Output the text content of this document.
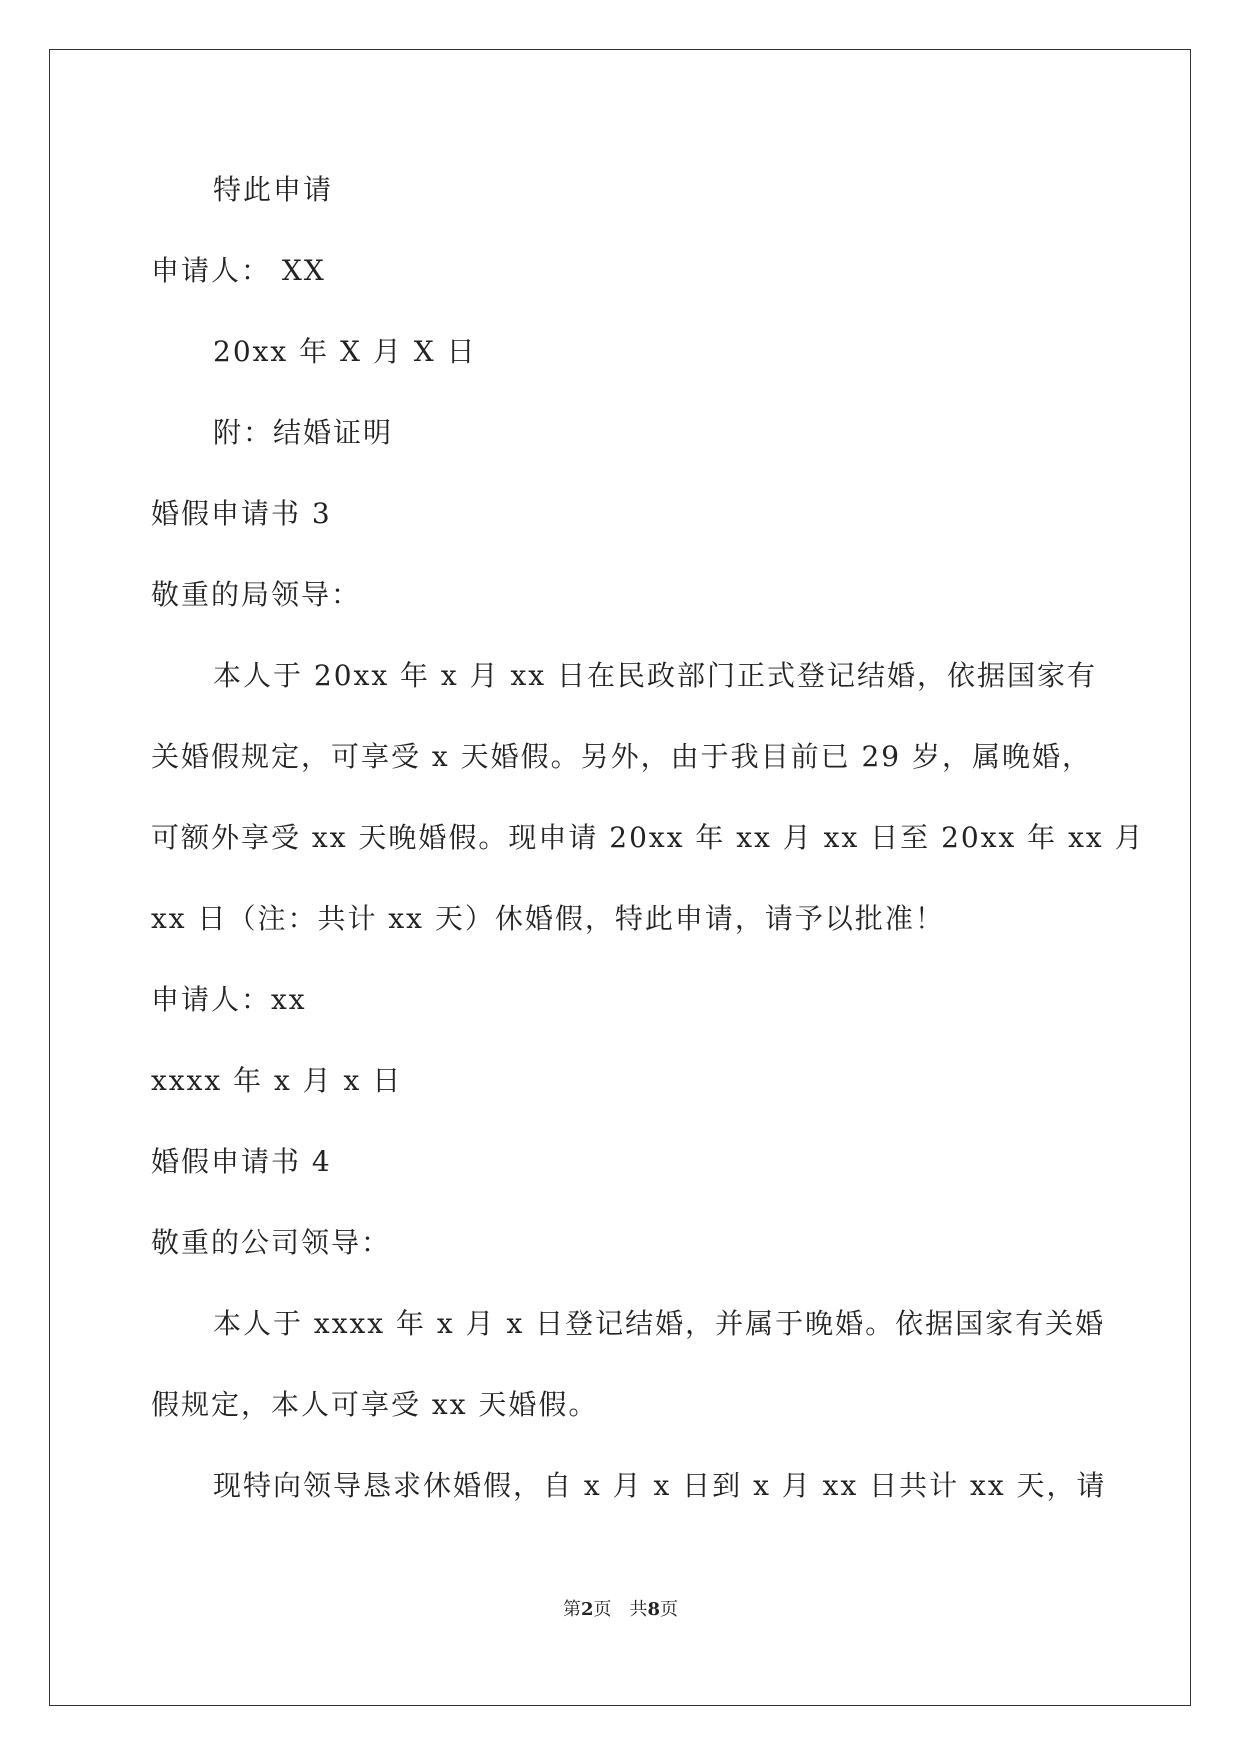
特此申请
申请人： XX
20xx 年 X 月 X 日
附：结婚证明
婚假申请书 3
敬重的局领导：
本人于 20xx 年 x 月 xx 日在民政部门正式登记结婚，依据国家有
关婚假规定，可享受 x 天婚假。另外，由于我目前已 29 岁，属晚婚，
可额外享受 xx 天晚婚假。现申请 20xx 年 xx 月 xx 日至 20xx 年 xx 月
xx 日（注：共计 xx 天）休婚假，特此申请，请予以批准！
申请人：xx
xxxx 年 x 月 x 日
婚假申请书 4
敬重的公司领导：
本人于 xxxx 年 x 月 x 日登记结婚，并属于晚婚。依据国家有关婚
假规定，本人可享受 xx 天婚假。
现特向领导恳求休婚假，自 x 月 x 日到 x 月 xx 日共计 xx 天，请
第2页　共8页
